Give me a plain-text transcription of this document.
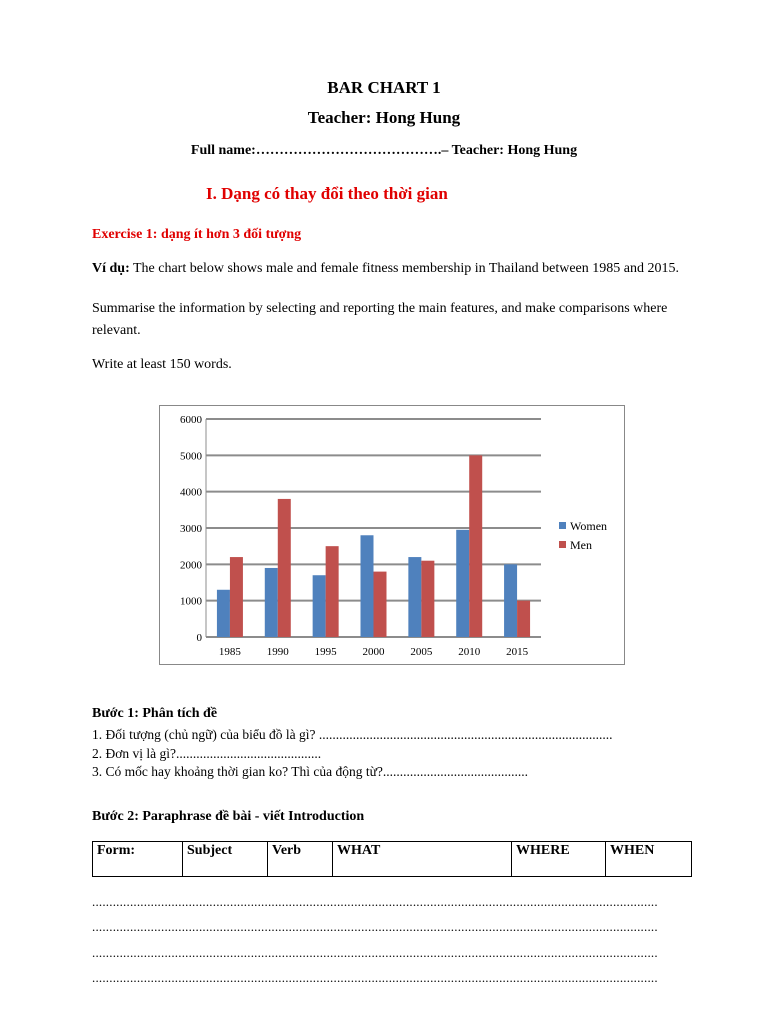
BAR CHART 1
Teacher: Hong Hung
Full name:………………………………….– Teacher: Hong Hung
I. Dạng có thay đổi theo thời gian
Exercise 1: dạng ít hơn 3 đối tượng
Ví dụ: The chart below shows male and female fitness membership in Thailand between 1985 and 2015.
Summarise the information by selecting and reporting the main features, and make comparisons where relevant.
Write at least 150 words.
0
1000
2000
3000
4000
5000
6000
1985 1990 1995 2000 2005 2010 2015
Women
Men
Bước 1: Phân tích đề
1. Đối tượng (chủ ngữ) của biểu đồ là gì? .......................................................................................
2. Đơn vị là gì?...........................................
3. Có mốc hay khoảng thời gian ko? Thì của động từ?...........................................
Bước 2: Paraphrase đề bài - viết Introduction
Form:	Subject	Verb	WHAT	WHERE	WHEN
....................................................................................................................................................................
....................................................................................................................................................................
....................................................................................................................................................................
....................................................................................................................................................................
